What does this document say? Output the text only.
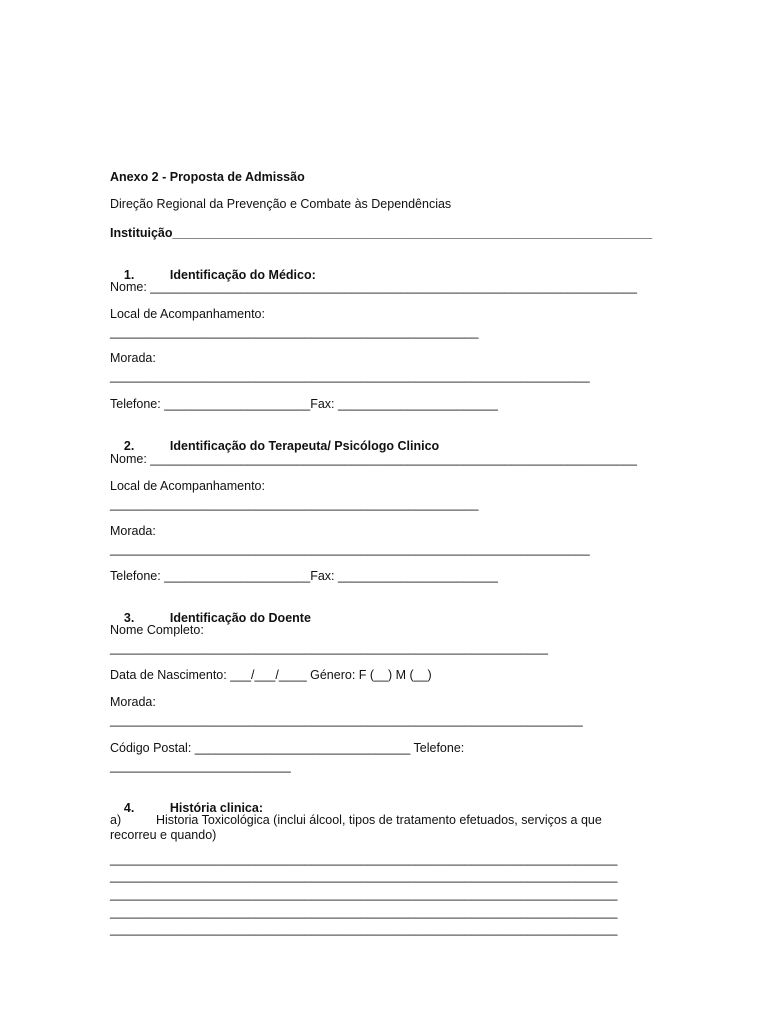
Anexo 2 - Proposta de Admissão
Direção Regional da Prevenção e Combate às Dependências
Instituição_____________________________________________________________________

1.	Identificação do Médico:

Nome: ______________________________________________________________________
Local de Acompanhamento:
_____________________________________________________
Morada:
_____________________________________________________________________
Telefone: _____________________Fax: _______________________

2.	Identificação do Terapeuta/ Psicólogo Clinico

Nome: ______________________________________________________________________
Local de Acompanhamento:
_____________________________________________________
Morada:
_____________________________________________________________________
Telefone: _____________________Fax: _______________________

3.	Identificação do Doente

Nome Completo:
_______________________________________________________________
Data de Nascimento: ___/___/____ Género: F (__) M (__)
Morada:
____________________________________________________________________
Código Postal: _______________________________ Telefone:
__________________________

4.	História clinica:

a)	Historia Toxicológica (inclui álcool, tipos de tratamento efetuados, serviços a que recorreu e quando)
_________________________________________________________________________
_________________________________________________________________________
_________________________________________________________________________
_________________________________________________________________________
_________________________________________________________________________
